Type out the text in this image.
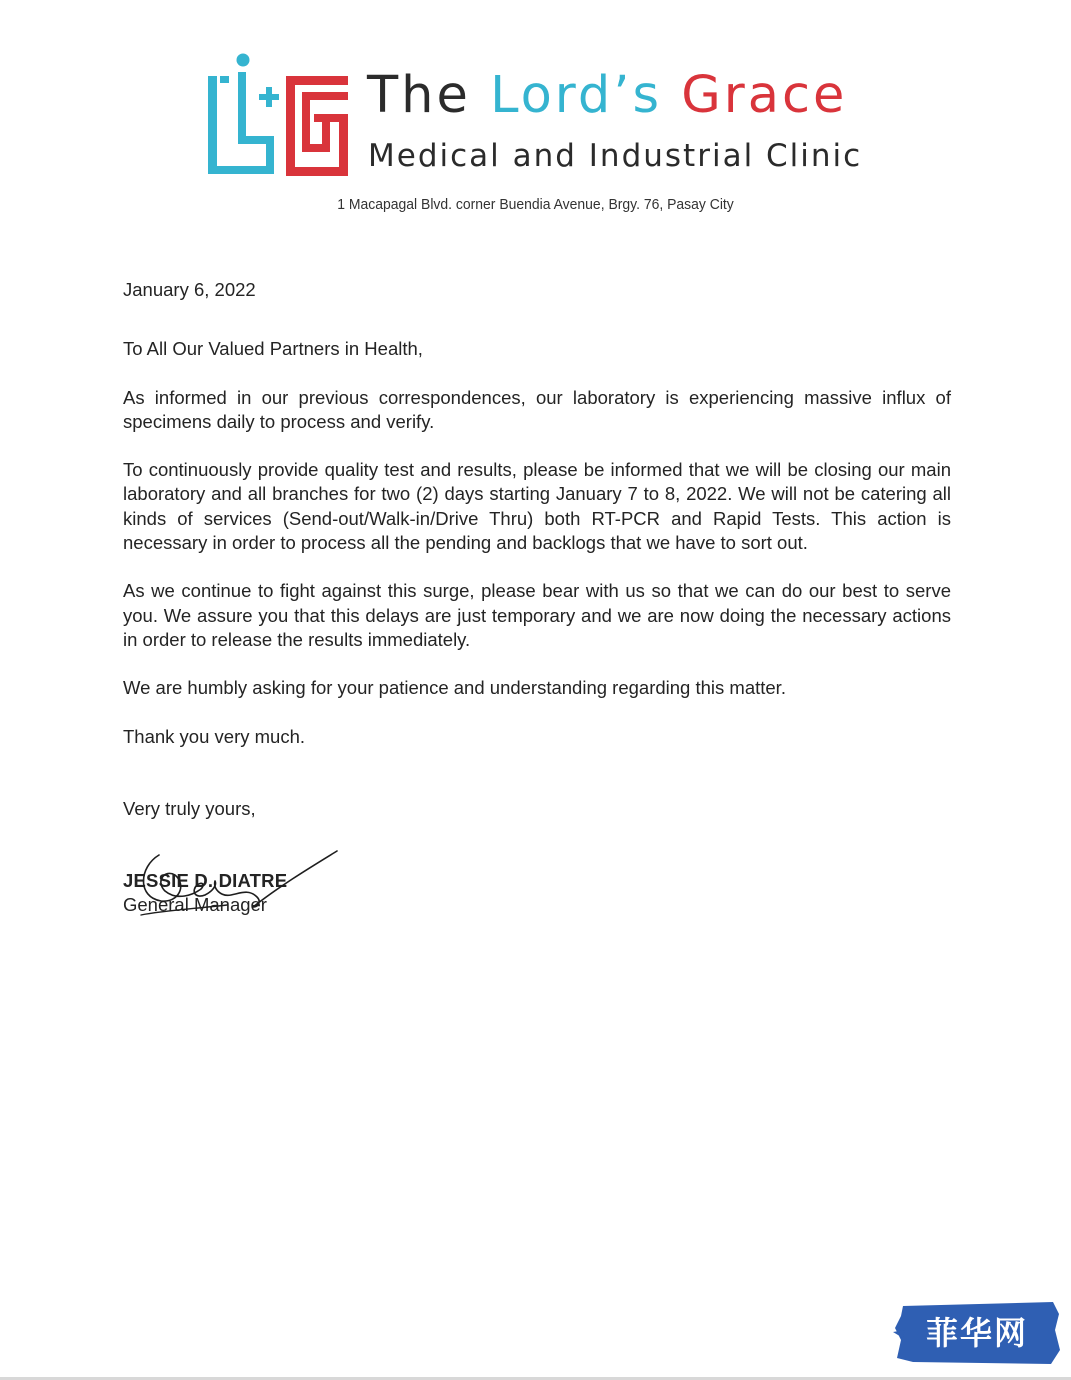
The Lord’s Grace
Medical and Industrial Clinic
1 Macapagal Blvd. corner Buendia Avenue, Brgy. 76, Pasay City

January 6, 2022

To All Our Valued Partners in Health,

As informed in our previous correspondences, our laboratory is experiencing massive influx of specimens daily to process and verify.

To continuously provide quality test and results, please be informed that we will be closing our main laboratory and all branches for two (2) days starting January 7 to 8, 2022. We will not be catering all kinds of services (Send-out/Walk-in/Drive Thru) both RT-PCR and Rapid Tests. This action is necessary in order to process all the pending and backlogs that we have to sort out.

As we continue to fight against this surge, please bear with us so that we can do our best to serve you. We assure you that this delays are just temporary and we are now doing the necessary actions in order to release the results immediately.

We are humbly asking for your patience and understanding regarding this matter.

Thank you very much.

Very truly yours,

JESSIE D. DIATRE

General Manager

菲华网
